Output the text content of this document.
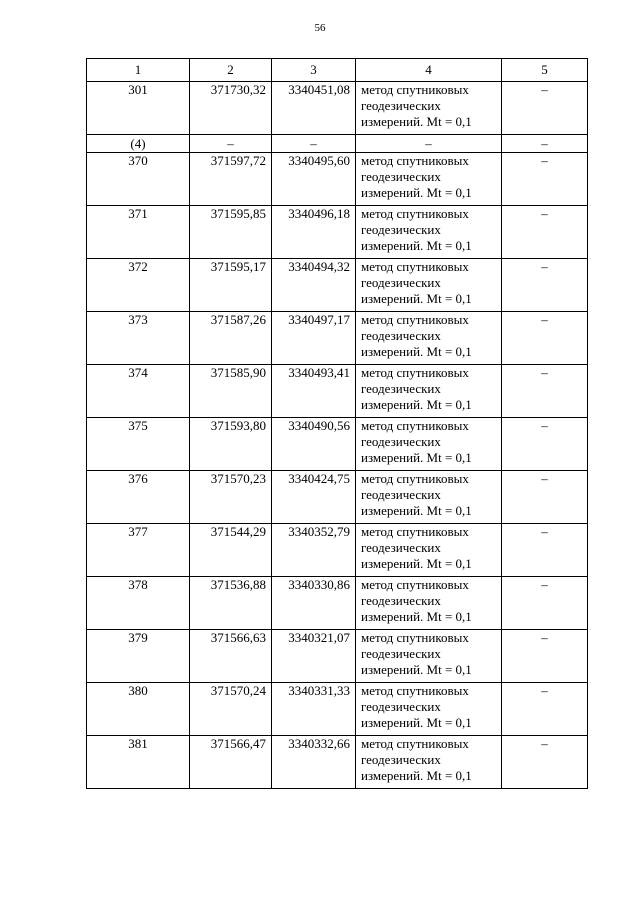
56
1	2	3	4	5
301	371730,32	3340451,08	метод спутниковых
геодезических
измерений. Mt = 0,1	–
(4)	–	–	–	–
370	371597,72	3340495,60	метод спутниковых
геодезических
измерений. Mt = 0,1	–
371	371595,85	3340496,18	метод спутниковых
геодезических
измерений. Mt = 0,1	–
372	371595,17	3340494,32	метод спутниковых
геодезических
измерений. Mt = 0,1	–
373	371587,26	3340497,17	метод спутниковых
геодезических
измерений. Mt = 0,1	–
374	371585,90	3340493,41	метод спутниковых
геодезических
измерений. Mt = 0,1	–
375	371593,80	3340490,56	метод спутниковых
геодезических
измерений. Mt = 0,1	–
376	371570,23	3340424,75	метод спутниковых
геодезических
измерений. Mt = 0,1	–
377	371544,29	3340352,79	метод спутниковых
геодезических
измерений. Mt = 0,1	–
378	371536,88	3340330,86	метод спутниковых
геодезических
измерений. Mt = 0,1	–
379	371566,63	3340321,07	метод спутниковых
геодезических
измерений. Mt = 0,1	–
380	371570,24	3340331,33	метод спутниковых
геодезических
измерений. Mt = 0,1	–
381	371566,47	3340332,66	метод спутниковых
геодезических
измерений. Mt = 0,1	–
